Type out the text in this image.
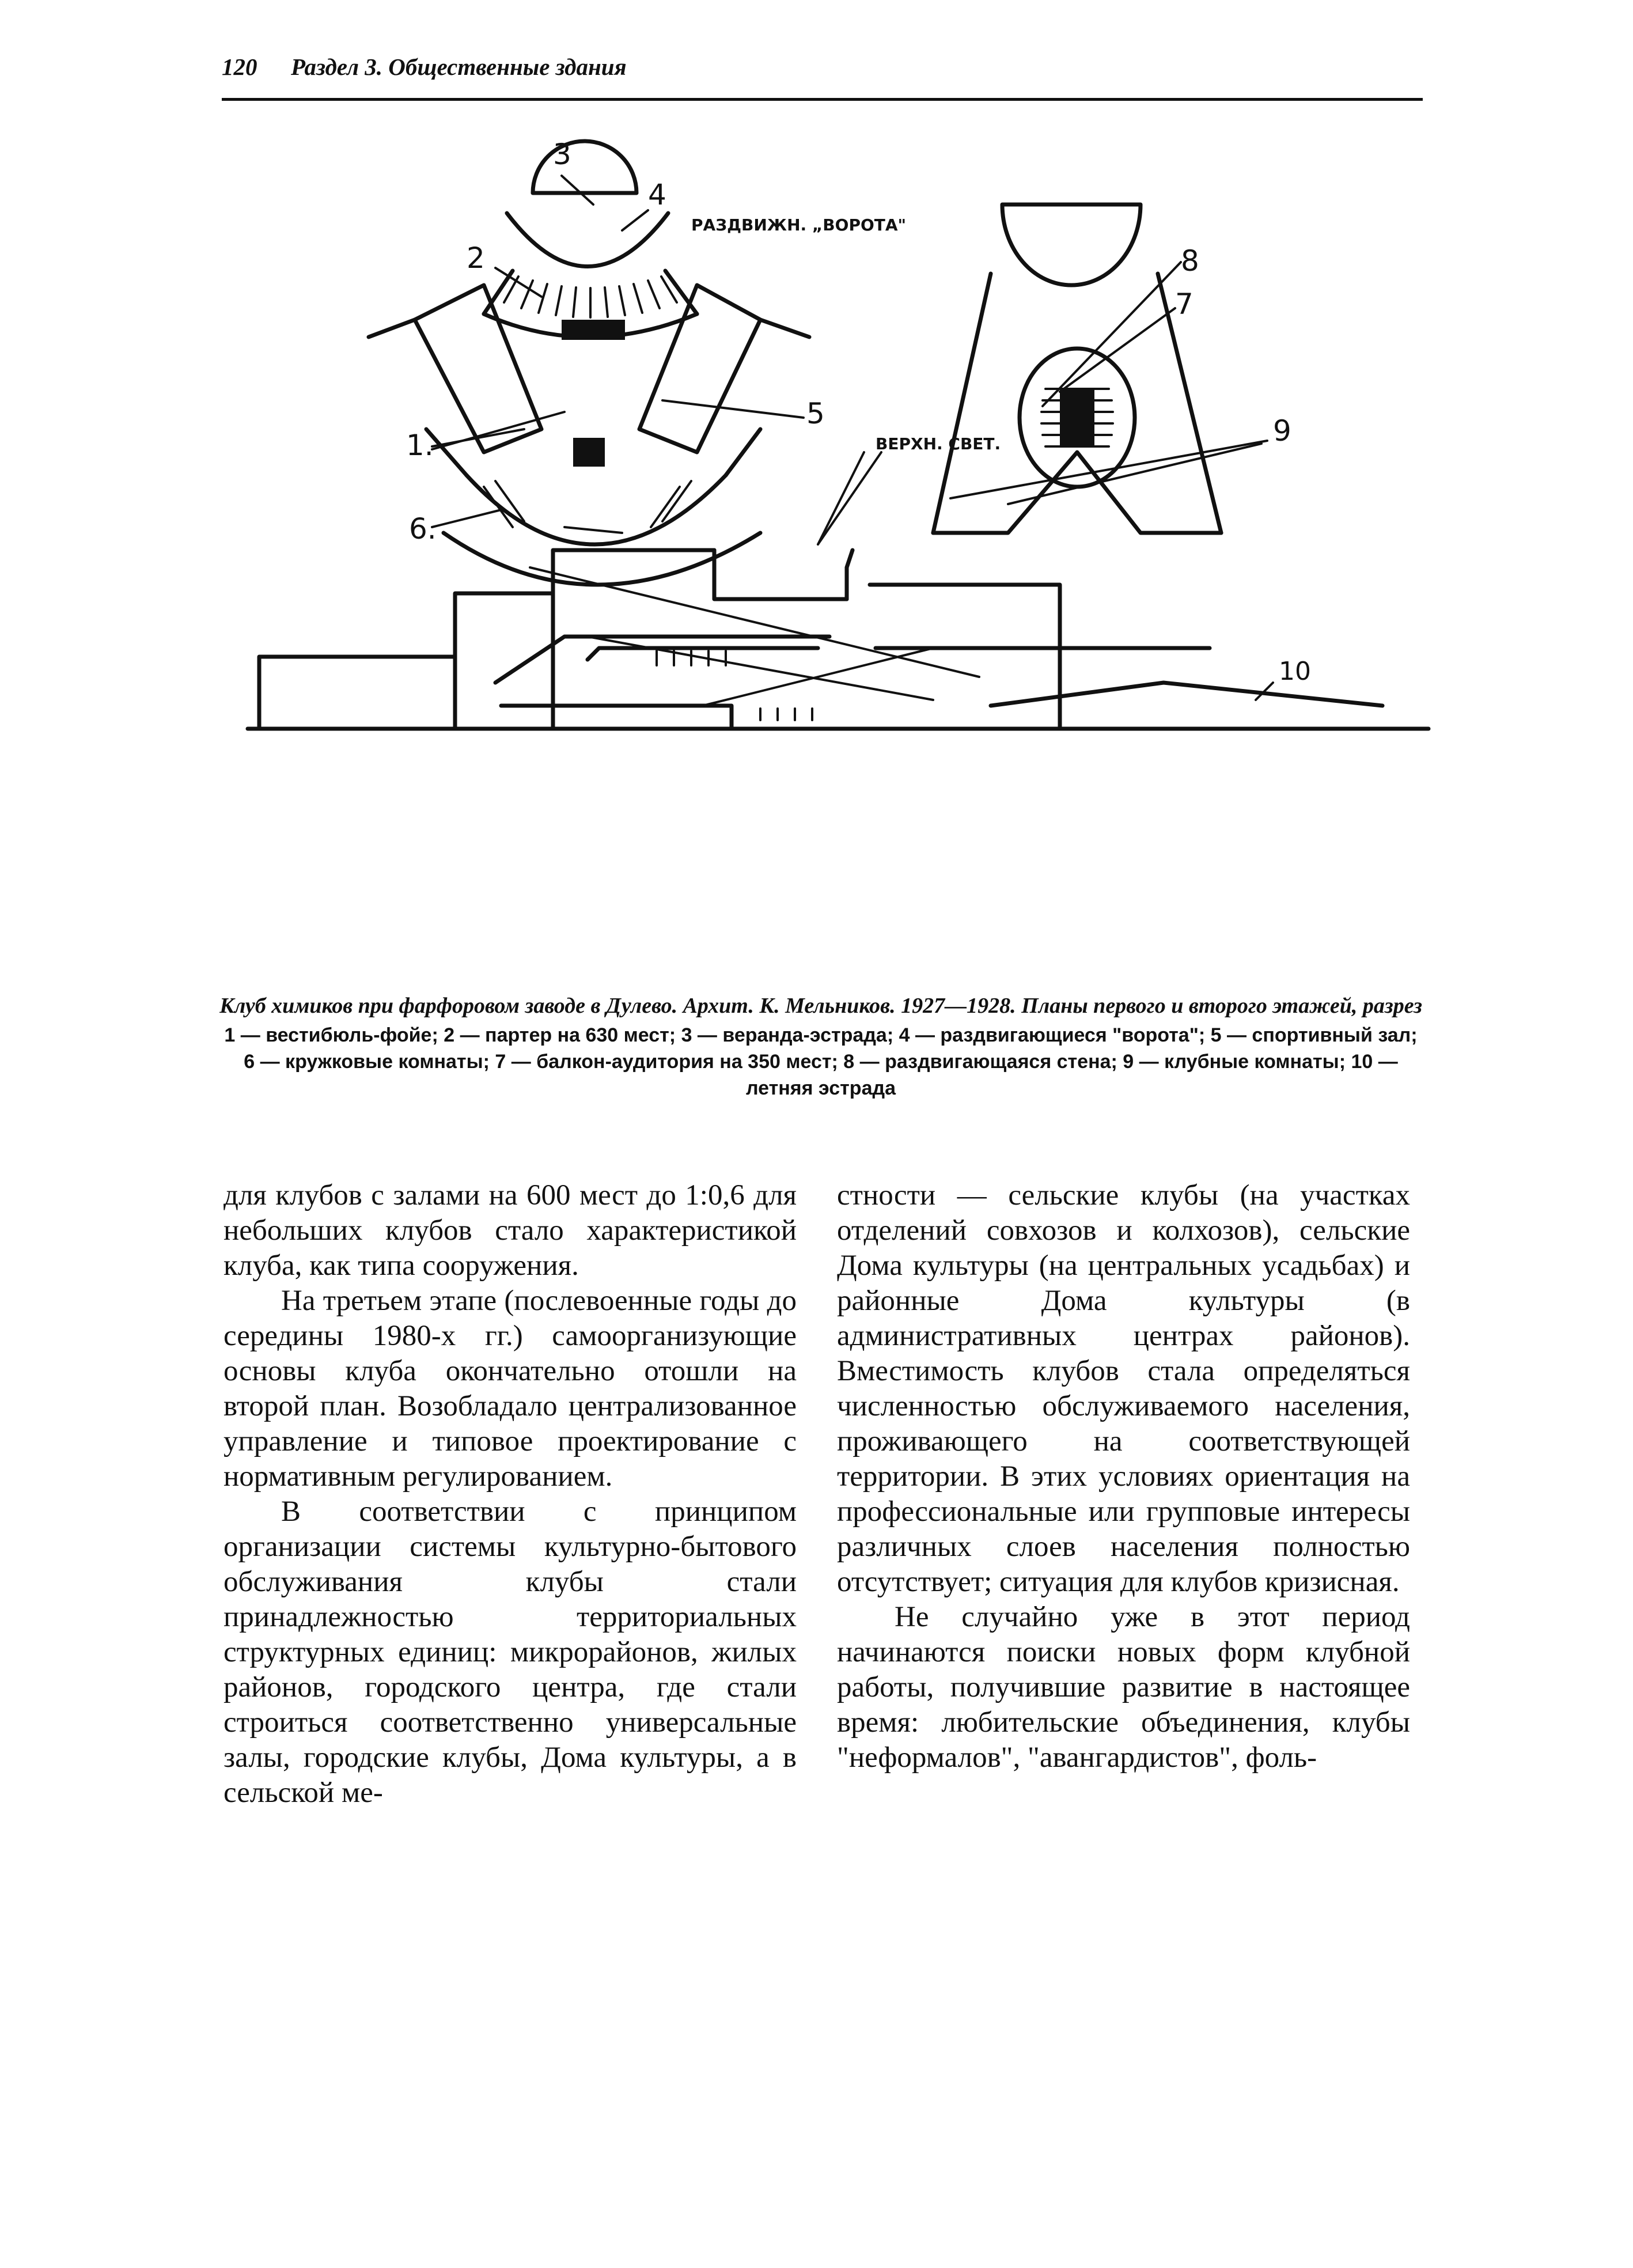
120 Раздел 3. Общественные здания
3
4
2
1.
5
6.
8
7
9
10
РАЗДВИЖН. „ВОРОТА"
ВЕРХН. СВЕТ.
Клуб химиков при фарфоровом заводе в Дулево. Архит. К. Мельников. 1927—1928. Планы первого и второго этажей, разрез
1 — вестибюль-фойе; 2 — партер на 630 мест; 3 — веранда-эстрада; 4 — раздвигающиеся "ворота"; 5 — спортивный зал; 6 — кружковые комнаты; 7 — балкон-аудитория на 350 мест; 8 — раздвигающаяся стена; 9 — клубные комнаты; 10 — летняя эстрада

для клубов с залами на 600 мест до 1:0,6 для небольших клубов стало характеристикой клуба, как типа сооружения.

На третьем этапе (послевоенные годы до середины 1980-х гг.) самоорганизующие основы клуба окончательно отошли на второй план. Возобладало централизованное управление и типовое проектирование с нормативным регулированием.

В соответствии с принципом организации системы культурно-бытового обслуживания клубы стали принадлежностью территориальных структурных единиц: микрорайонов, жилых районов, городского центра, где стали строиться соответственно универсальные залы, городские клубы, Дома культуры, а в сельской ме-

стности — сельские клубы (на участках отделений совхозов и колхозов), сельские Дома культуры (на центральных усадьбах) и районные Дома культуры (в административных центрах районов). Вместимость клубов стала определяться численностью обслуживаемого населения, проживающего на соответствующей территории. В этих условиях ориентация на профессиональные или групповые интересы различных слоев населения полностью отсутствует; ситуация для клубов кризисная.

Не случайно уже в этот период начинаются поиски новых форм клубной работы, получившие развитие в настоящее время: любительские объединения, клубы "неформалов", "авангардистов", фоль-
